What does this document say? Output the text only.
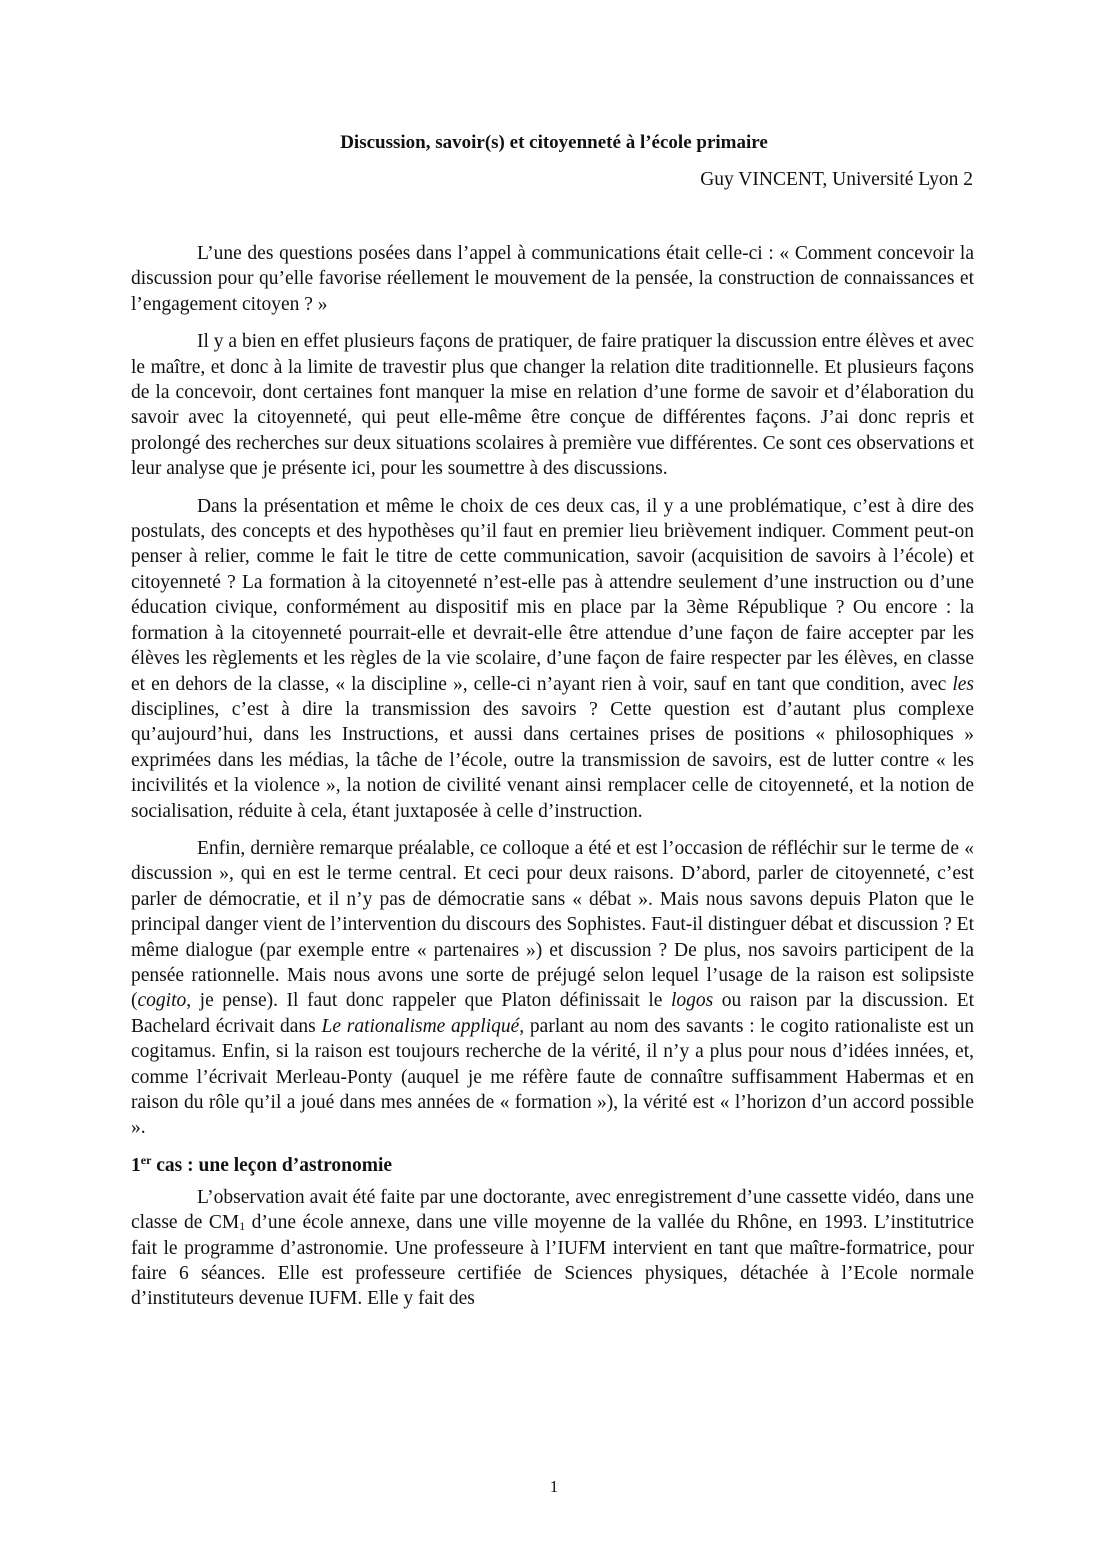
Discussion, savoir(s) et citoyenneté à l’école primaire
Guy VINCENT, Université Lyon 2

L’une des questions posées dans l’appel à communications était celle-ci : « Comment concevoir la discussion pour qu’elle favorise réellement le mouvement de la pensée, la construction de connaissances et l’engagement citoyen ? »

Il y a bien en effet plusieurs façons de pratiquer, de faire pratiquer la discussion entre élèves et avec le maître, et donc à la limite de travestir plus que changer la relation dite traditionnelle. Et plusieurs façons de la concevoir, dont certaines font manquer la mise en relation d’une forme de savoir et d’élaboration du savoir avec la citoyenneté, qui peut elle-même être conçue de différentes façons. J’ai donc repris et prolongé des recherches sur deux situations scolaires à première vue différentes. Ce sont ces observations et leur analyse que je présente ici, pour les soumettre à des discussions.

Dans la présentation et même le choix de ces deux cas, il y a une problématique, c’est à dire des postulats, des concepts et des hypothèses qu’il faut en premier lieu brièvement indiquer. Comment peut-on penser à relier, comme le fait le titre de cette communication, savoir (acquisition de savoirs à l’école) et citoyenneté ? La formation à la citoyenneté n’est-elle pas à attendre seulement d’une instruction ou d’une éducation civique, conformément au dispositif mis en place par la 3ème République ? Ou encore : la formation à la citoyenneté pourrait-elle et devrait-elle être attendue d’une façon de faire accepter par les élèves les règlements et les règles de la vie scolaire, d’une façon de faire respecter par les élèves, en classe et en dehors de la classe, « la discipline », celle-ci n’ayant rien à voir, sauf en tant que condition, avec les disciplines, c’est à dire la transmission des savoirs ? Cette question est d’autant plus complexe qu’aujourd’hui, dans les Instructions, et aussi dans certaines prises de positions « philosophiques » exprimées dans les médias, la tâche de l’école, outre la transmission de savoirs, est de lutter contre « les incivilités et la violence », la notion de civilité venant ainsi remplacer celle de citoyenneté, et la notion de socialisation, réduite à cela, étant juxtaposée à celle d’instruction.

Enfin, dernière remarque préalable, ce colloque a été et est l’occasion de réfléchir sur le terme de « discussion », qui en est le terme central. Et ceci pour deux raisons. D’abord, parler de citoyenneté, c’est parler de démocratie, et il n’y pas de démocratie sans « débat ». Mais nous savons depuis Platon que le principal danger vient de l’intervention du discours des Sophistes. Faut-il distinguer débat et discussion ? Et même dialogue (par exemple entre « partenaires ») et discussion ? De plus, nos savoirs participent de la pensée rationnelle. Mais nous avons une sorte de préjugé selon lequel l’usage de la raison est solipsiste (cogito, je pense). Il faut donc rappeler que Platon définissait le logos ou raison par la discussion. Et Bachelard écrivait dans Le rationalisme appliqué, parlant au nom des savants : le cogito rationaliste est un cogitamus. Enfin, si la raison est toujours recherche de la vérité, il n’y a plus pour nous d’idées innées, et, comme l’écrivait Merleau-Ponty (auquel je me réfère faute de connaître suffisamment Habermas et en raison du rôle qu’il a joué dans mes années de « formation »), la vérité est « l’horizon d’un accord possible ».

1er cas : une leçon d’astronomie

L’observation avait été faite par une doctorante, avec enregistrement d’une cassette vidéo, dans une classe de $CM_1$ d’une école annexe, dans une ville moyenne de la vallée du Rhône, en 1993. L’institutrice fait le programme d’astronomie. Une professeure à l’IUFM intervient en tant que maître-formatrice, pour faire 6 séances. Elle est professeure certifiée de Sciences physiques, détachée à l’Ecole normale d’instituteurs devenue IUFM. Elle y fait des

1
